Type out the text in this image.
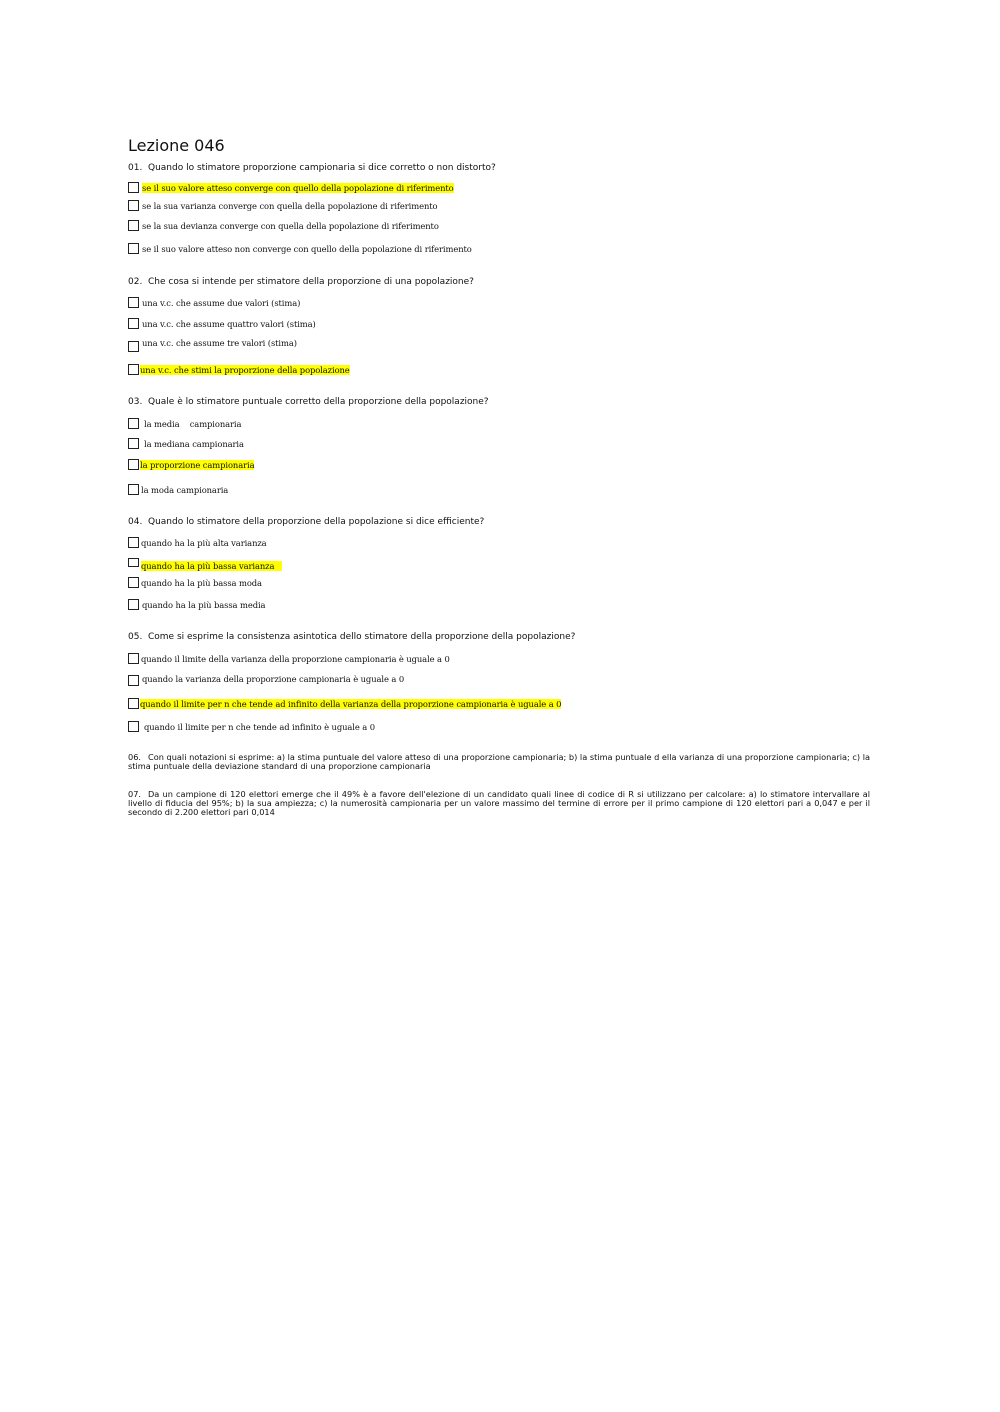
Lezione 046
01. Quando lo stimatore proporzione campionaria si dice corretto o non distorto?
se il suo valore atteso converge con quello della popolazione di riferimento
se la sua varianza converge con quella della popolazione di riferimento
se la sua devianza converge con quella della popolazione di riferimento
se il suo valore atteso non converge con quello della popolazione di riferimento
02. Che cosa si intende per stimatore della proporzione di una popolazione?
una v.c. che assume due valori (stima)
una v.c. che assume quattro valori (stima)
una v.c. che assume tre valori (stima)
una v.c. che stimi la proporzione della popolazione
03. Quale è lo stimatore puntuale corretto della proporzione della popolazione?
la media    campionaria
la mediana campionaria
la proporzione campionaria
la moda campionaria
04. Quando lo stimatore della proporzione della popolazione si dice efficiente?
quando ha la più alta varianza
quando ha la più bassa varianza
quando ha la più bassa moda
quando ha la più bassa media
05. Come si esprime la consistenza asintotica dello stimatore della proporzione della popolazione?
quando il limite della varianza della proporzione campionaria è uguale a 0
quando la varianza della proporzione campionaria è uguale a 0
quando il limite per n che tende ad infinito della varianza della proporzione campionaria è uguale a 0
quando il limite per n che tende ad infinito è uguale a 0
06. Con quali notazioni si esprime: a) la stima puntuale del valore atteso di una proporzione campionaria; b) la stima puntuale d ella varianza di una proporzione campionaria; c) la stima puntuale della deviazione standard di una proporzione campionaria
07. Da un campione di 120 elettori emerge che il 49% è a favore dell'elezione di un candidato quali linee di codice di R si utilizzano per calcolare: a) lo stimatore intervallare al livello di fiducia del 95%; b) la sua ampiezza; c) la numerosità campionaria per un valore massimo del termine di errore per il primo campione di 120 elettori pari a 0,047 e per il secondo di 2.200 elettori pari 0,014
